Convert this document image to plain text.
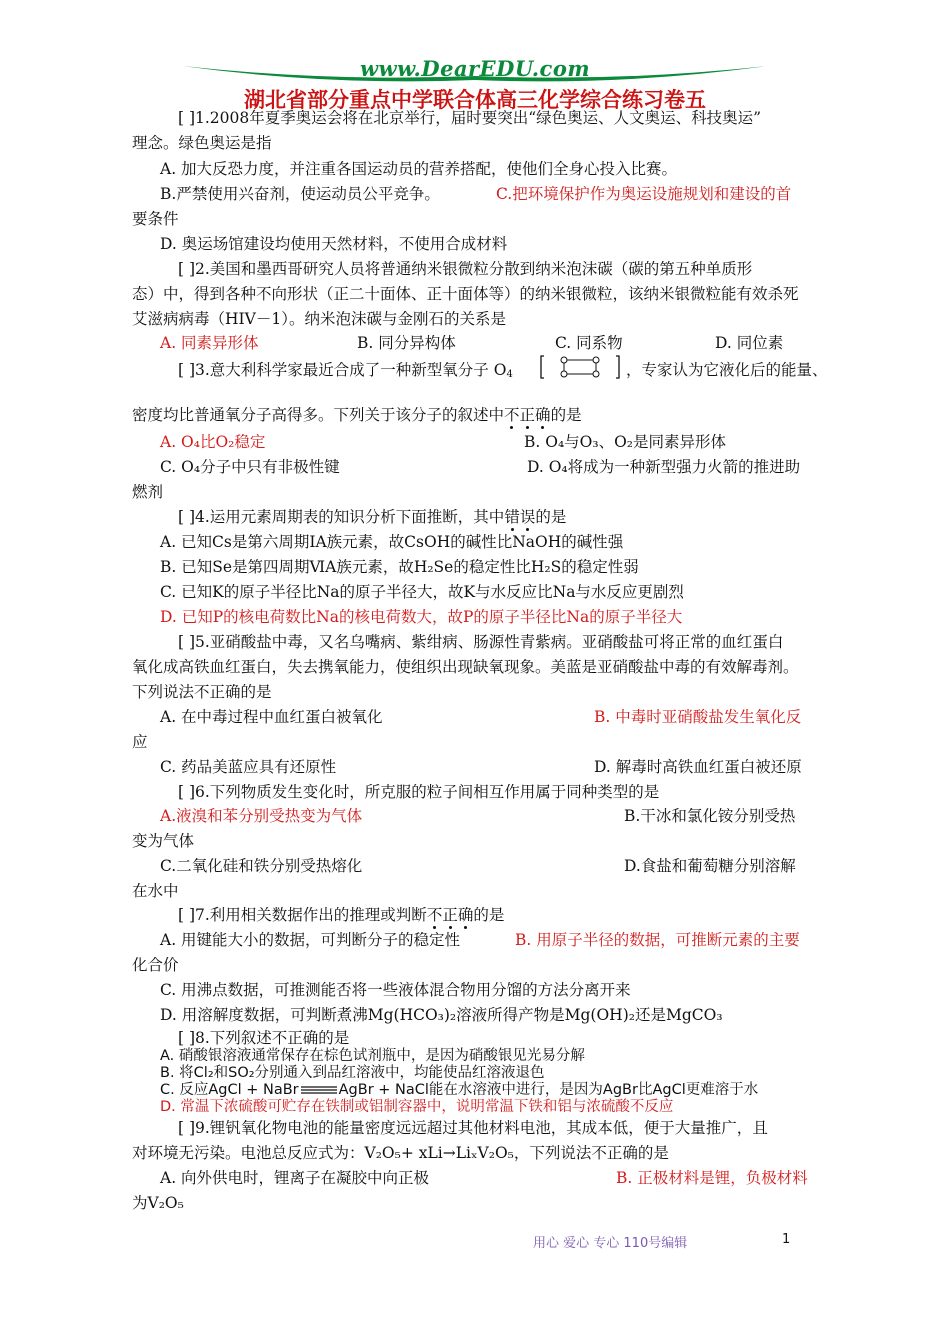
www.DearEDU.com
湖北省部分重点中学联合体高三化学综合练习卷五
[ ]1.2008年夏季奥运会将在北京举行，届时要突出“绿色奥运、人文奥运、科技奥运”
理念。绿色奥运是指
A. 加大反恐力度，并注重各国运动员的营养搭配，使他们全身心投入比赛。
B.严禁使用兴奋剂，使运动员公平竞争。	C.把环境保护作为奥运设施规划和建设的首
要条件
D. 奥运场馆建设均使用天然材料，不使用合成材料
[ ]2.美国和墨西哥研究人员将普通纳米银微粒分散到纳米泡沫碳（碳的第五种单质形
态）中，得到各种不向形状（正二十面体、正十面体等）的纳米银微粒，该纳米银微粒能有效杀死
艾滋病病毒（HIV－1）。纳米泡沫碳与金刚石的关系是
A. 同素异形体	B. 同分异构体	C. 同系物	D. 同位素
[ ]3.意大利科学家最近合成了一种新型氧分子 $O_4$	，专家认为它液化后的能量、
密度均比普通氧分子高得多。下列关于该分子的叙述中不正确的是
A. O₄比O₂稳定	B. O₄与O₃、O₂是同素异形体
C. O₄分子中只有非极性键	D. O₄将成为一种新型强力火箭的推进助
燃剂
[ ]4.运用元素周期表的知识分析下面推断，其中错误的是
A. 已知Cs是第六周期ⅠA族元素，故CsOH的碱性比NaOH的碱性强
B. 已知Se是第四周期ⅥA族元素，故H₂Se的稳定性比H₂S的稳定性弱
C. 已知K的原子半径比Na的原子半径大，故K与水反应比Na与水反应更剧烈
D. 已知P的核电荷数比Na的核电荷数大，故P的原子半径比Na的原子半径大
[ ]5.亚硝酸盐中毒，又名乌嘴病、紫绀病、肠源性青紫病。亚硝酸盐可将正常的血红蛋白
氧化成高铁血红蛋白，失去携氧能力，使组织出现缺氧现象。美蓝是亚硝酸盐中毒的有效解毒剂。
下列说法不正确的是
A. 在中毒过程中血红蛋白被氧化	B. 中毒时亚硝酸盐发生氧化反
应
C. 药品美蓝应具有还原性	D. 解毒时高铁血红蛋白被还原
[ ]6.下列物质发生变化时，所克服的粒子间相互作用属于同种类型的是
A.液溴和苯分别受热变为气体	B.干冰和氯化铵分别受热
变为气体
C.二氧化硅和铁分别受热熔化	D.食盐和葡萄糖分别溶解
在水中
[ ]7.利用相关数据作出的推理或判断不正确的是
A. 用键能大小的数据，可判断分子的稳定性	B. 用原子半径的数据，可推断元素的主要
化合价
C. 用沸点数据，可推测能否将一些液体混合物用分馏的方法分离开来
D. 用溶解度数据，可判断煮沸Mg(HCO₃)₂溶液所得产物是Mg(OH)₂还是MgCO₃
[ ]8.下列叙述不正确的是
A. 硝酸银溶液通常保存在棕色试剂瓶中，是因为硝酸银见光易分解
B. 将Cl₂和SO₂分别通入到品红溶液中，均能使品红溶液退色
C. 反应AgCl + NaBr	AgBr + NaCl能在水溶液中进行，是因为AgBr比AgCl更难溶于水
D. 常温下浓硫酸可贮存在铁制或铝制容器中，说明常温下铁和铝与浓硫酸不反应
[ ]9.锂钒氧化物电池的能量密度远远超过其他材料电池，其成本低，便于大量推广，且
对环境无污染。电池总反应式为：V₂O₅+ xLi→LiₓV₂O₅，下列说法不正确的是
A. 向外供电时，锂离子在凝胶中向正极	B. 正极材料是锂，负极材料
为V₂O₅
用心 爱心 专心 110号编辑	1
